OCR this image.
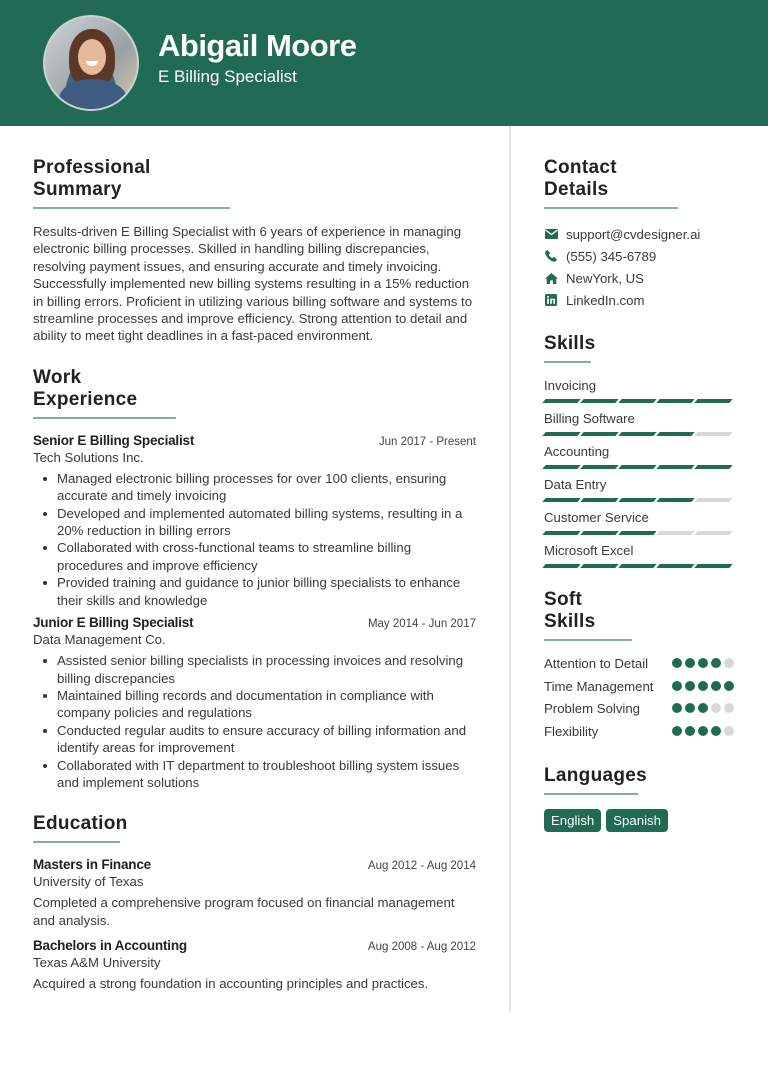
Abigail Moore
E Billing Specialist
Professional Summary

Results-driven E Billing Specialist with 6 years of experience in managing electronic billing processes. Skilled in handling billing discrepancies, resolving payment issues, and ensuring accurate and timely invoicing. Successfully implemented new billing systems resulting in a 15% reduction in billing errors. Proficient in utilizing various billing software and systems to streamline processes and improve efficiency. Strong attention to detail and ability to meet tight deadlines in a fast-paced environment.

Work Experience
Senior E Billing Specialist	Jun 2017 - Present
Tech Solutions Inc.
Managed electronic billing processes for over 100 clients, ensuring accurate and timely invoicing
Developed and implemented automated billing systems, resulting in a 20% reduction in billing errors
Collaborated with cross-functional teams to streamline billing procedures and improve efficiency
Provided training and guidance to junior billing specialists to enhance their skills and knowledge
Junior E Billing Specialist	May 2014 - Jun 2017
Data Management Co.
Assisted senior billing specialists in processing invoices and resolving billing discrepancies
Maintained billing records and documentation in compliance with company policies and regulations
Conducted regular audits to ensure accuracy of billing information and identify areas for improvement
Collaborated with IT department to troubleshoot billing system issues and implement solutions
Education
Masters in Finance	Aug 2012 - Aug 2014
University of Texas

Completed a comprehensive program focused on financial management and analysis.

Bachelors in Accounting	Aug 2008 - Aug 2012
Texas A&M University

Acquired a strong foundation in accounting principles and practices.

Contact Details
support@cvdesigner.ai
(555) 345-6789
NewYork, US
LinkedIn.com
Skills
Invoicing
Billing Software
Accounting
Data Entry
Customer Service
Microsoft Excel
Soft Skills
Attention to Detail
Time Management
Problem Solving
Flexibility
Languages
English	Spanish
